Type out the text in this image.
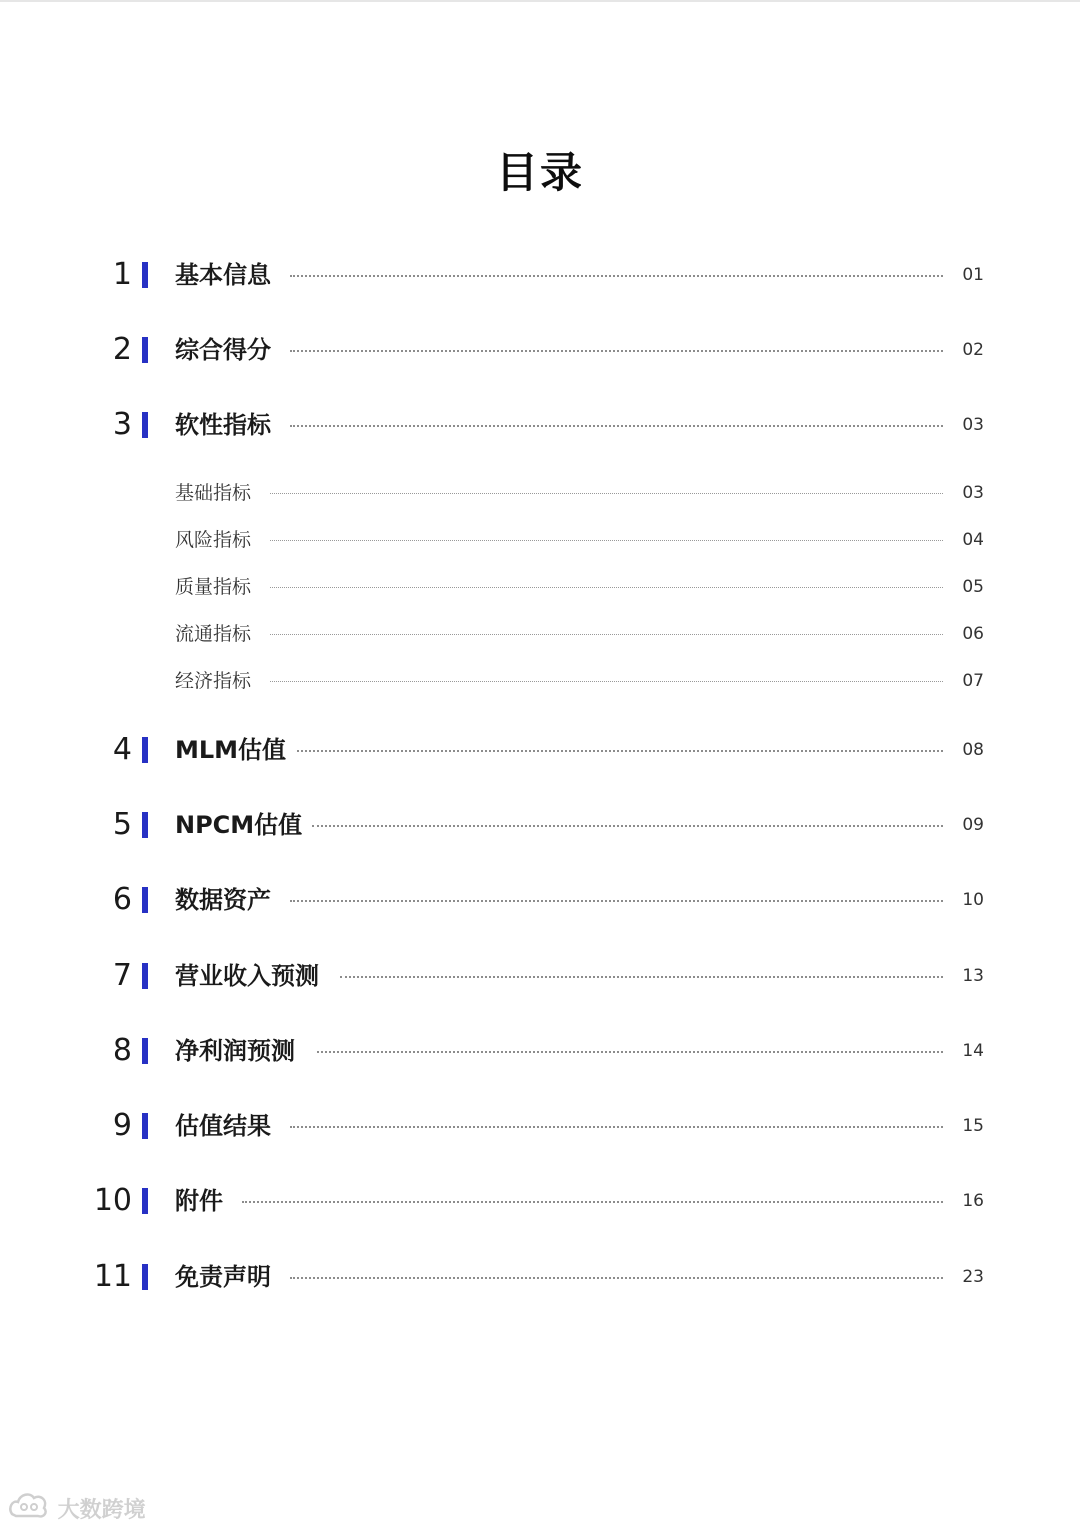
目录
1 基本信息	01
2 综合得分	02
3 软性指标	03
基础指标	03
风险指标	04
质量指标	05
流通指标	06
经济指标	07
4 MLM估值	08
5 NPCM估值	09
6 数据资产	10
7 营业收入预测	13
8 净利润预测	14
9 估值结果	15
10 附件	16
11 免责声明	23
大数跨境
